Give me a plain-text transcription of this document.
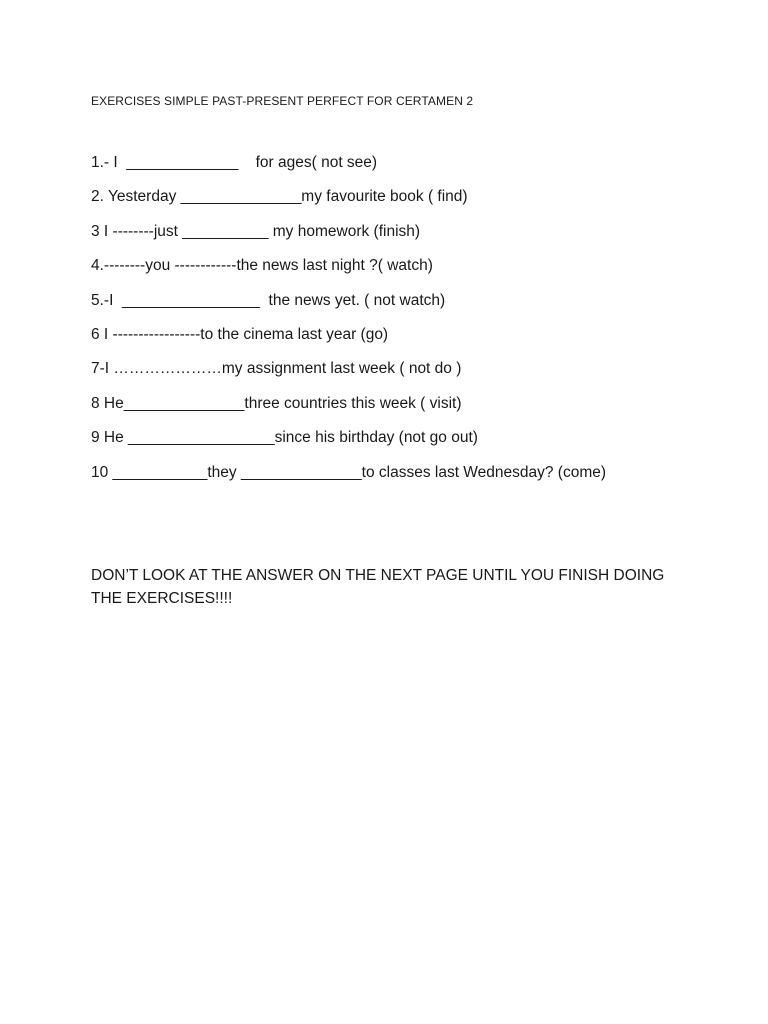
EXERCISES SIMPLE PAST-PRESENT PERFECT FOR CERTAMEN 2
1.- I  _____________    for ages( not see)
2. Yesterday ______________my favourite book ( find)
3 I --------just __________ my homework (finish)
4.--------you ------------the news last night ?( watch)
5.-I  ________________  the news yet. ( not watch)
6 I -----------------to the cinema last year (go)
7-I …………………my assignment last week ( not do )
8 He______________three countries this week ( visit)
9 He _________________since his birthday (not go out)
10 ___________they ______________to classes last Wednesday? (come)

DON’T LOOK AT THE ANSWER ON THE NEXT PAGE UNTIL YOU FINISH DOING THE EXERCISES!!!!
